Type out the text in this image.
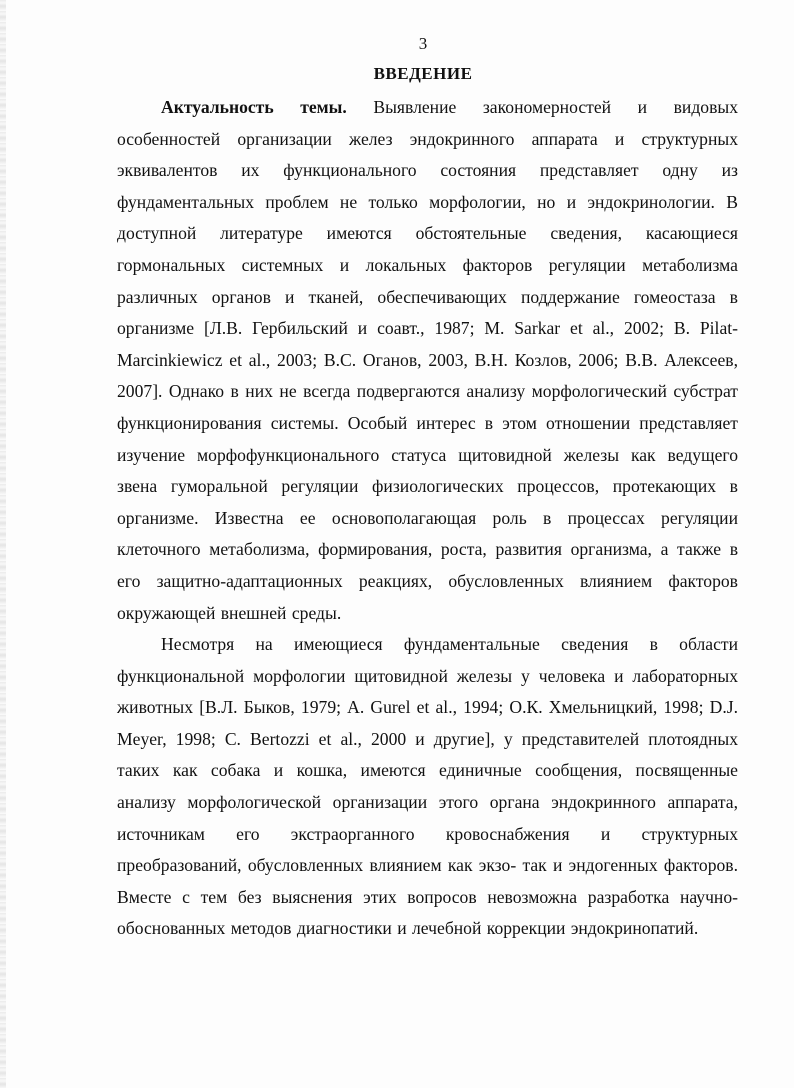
3
ВВЕДЕНИЕ

Актуальность темы. Выявление закономерностей и видовых особенностей организации желез эндокринного аппарата и структурных эквивалентов их функционального состояния представляет одну из фундаментальных проблем не только морфологии, но и эндокринологии. В доступной литературе имеются обстоятельные сведения, касающиеся гормональных системных и локальных факторов регуляции метаболизма различных органов и тканей, обеспечивающих поддержание гомеостаза в организме [Л.В. Гербильский и соавт., 1987; M. Sarkar et al., 2002; B. Pilat-Marcinkiewicz et al., 2003; В.С. Оганов, 2003, В.Н. Козлов, 2006; В.В. Алексеев, 2007]. Однако в них не всегда подвергаются анализу морфологический субстрат функционирования системы. Особый интерес в этом отношении представляет изучение морфофункционального статуса щитовидной железы как ведущего звена гуморальной регуляции физиологических процессов, протекающих в организме. Известна ее основополагающая роль в процессах регуляции клеточного метаболизма, формирования, роста, развития организма, а также в его защитно-адаптационных реакциях, обусловленных влиянием факторов окружающей внешней среды.

Несмотря на имеющиеся фундаментальные сведения в области функциональной морфологии щитовидной железы у человека и лабораторных животных [В.Л. Быков, 1979; A. Gurel et al., 1994; О.К. Хмельницкий, 1998; D.J. Meyer, 1998; C. Bertozzi et al., 2000 и другие], у представителей плотоядных таких как собака и кошка, имеются единичные сообщения, посвященные анализу морфологической организации этого органа эндокринного аппарата, источникам его экстраорганного кровоснабжения и структурных преобразований, обусловленных влиянием как экзо- так и эндогенных факторов. Вместе с тем без выяснения этих вопросов невозможна разработка научно-обоснованных методов диагностики и лечебной коррекции эндокринопатий.
